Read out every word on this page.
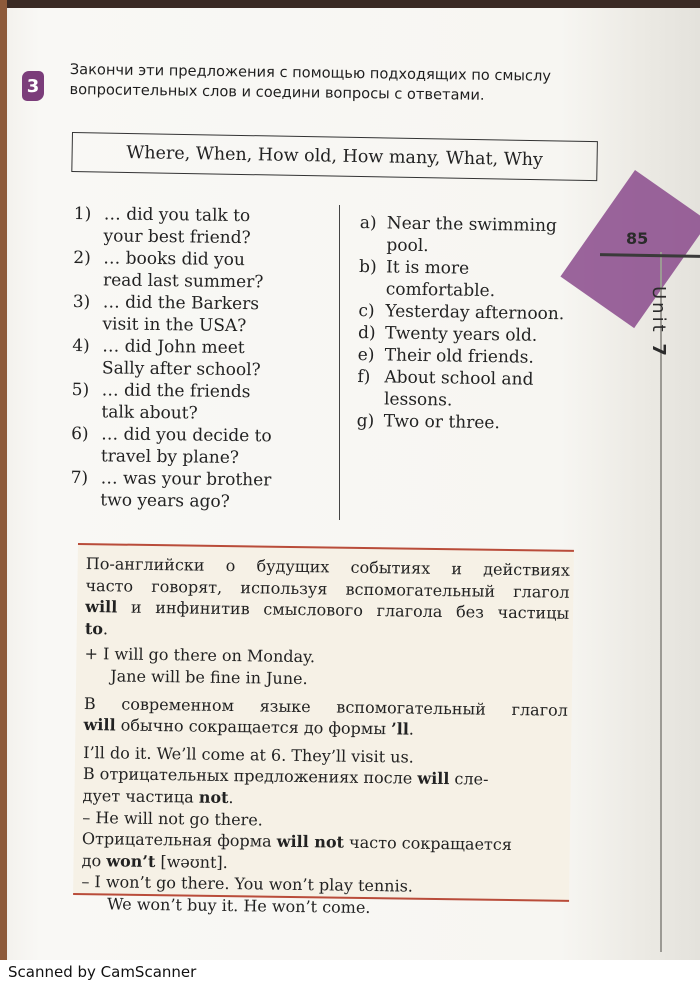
3
Закончи эти предложения с помощью подходящих по смыслу
вопросительных слов и соедини вопросы с ответами.
Where, When, How old, How many, What, Why
1) … did you talk to
your best friend?
2) … books did you
read last summer?
3) … did the Barkers
visit in the USA?
4) … did John meet
Sally after school?
5) … did the friends
talk about?
6) … did you decide to
travel by plane?
7) … was your brother
two years ago?
a) Near the swimming
pool.
b) It is more
comfortable.
c) Yesterday afternoon.
d) Twenty years old.
e) Their old friends.
f) About school and
lessons.
g) Two or three.
85
Unit 7
По-английски о будущих событиях и действиях
часто говорят, используя вспомогательный глагол
will и инфинитив смыслового глагола без частицы
to.
+ I will go there on Monday.
Jane will be fine in June.
В современном языке вспомогательный глагол
will обычно сокращается до формы ’ll.
I’ll do it. We’ll come at 6. They’ll visit us.
В отрицательных предложениях после will сле-
дует частица not.
– He will not go there.
Отрицательная форма will not часто сокращается
до won’t [wəʊnt].
– I won’t go there. You won’t play tennis.
We won’t buy it. He won’t come.
Scanned by CamScanner
